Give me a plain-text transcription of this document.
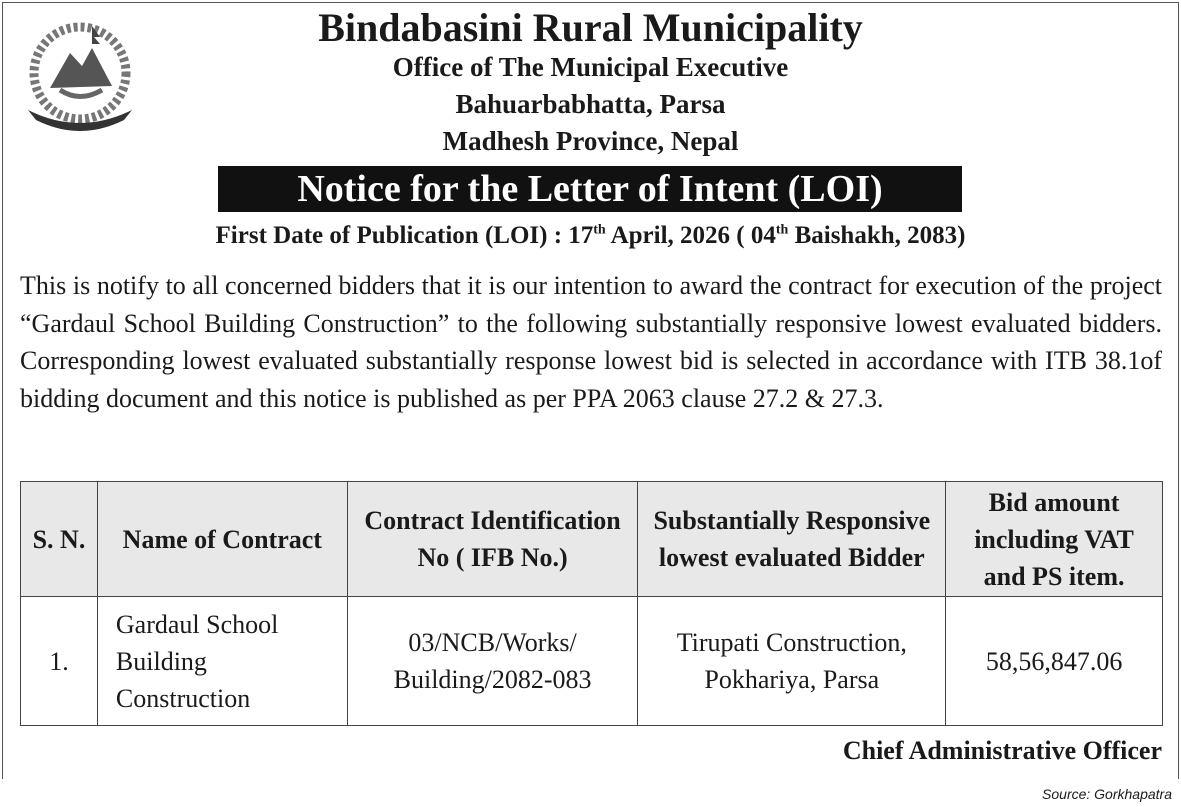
Bindabasini Rural Municipality
Office of The Municipal Executive
Bahuarbabhatta, Parsa
Madhesh Province, Nepal
Notice for the Letter of Intent (LOI)
First Date of Publication (LOI) : 17th April, 2026 ( 04th Baishakh, 2083)
This is notify to all concerned bidders that it is our intention to award the contract for execution of the project “Gardaul School Building Construction” to the following substantially responsive lowest evaluated bidders. Corresponding lowest evaluated substantially response lowest bid is selected in accordance with ITB 38.1of bidding document and this notice is published as per PPA 2063 clause 27.2 & 27.3.
S. N.	Name of Contract	Contract Identification No ( IFB No.)	Substantially Responsive lowest evaluated Bidder	Bid amount including VAT and PS item.
1.	Gardaul School Building Construction	03/NCB/Works/ Building/2082-083	Tirupati Construction, Pokhariya, Parsa	58,56,847.06
Chief Administrative Officer
Source: Gorkhapatra
